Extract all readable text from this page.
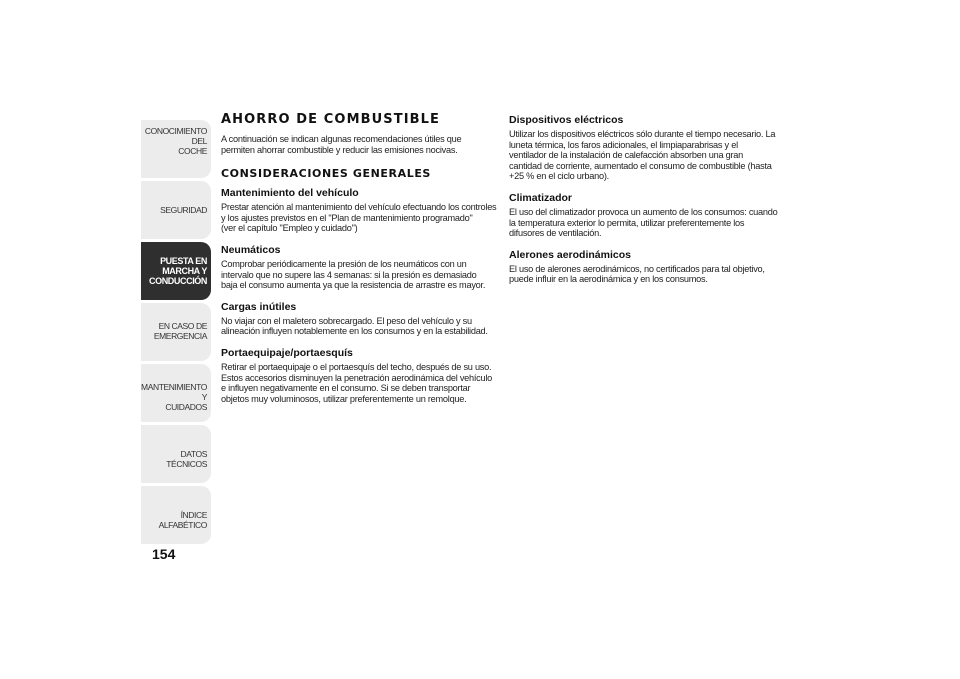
CONOCIMIENTO DEL
COCHE
SEGURIDAD
PUESTA EN
MARCHA Y
CONDUCCIÓN
EN CASO DE
EMERGENCIA
MANTENIMIENTO Y
CUIDADOS
DATOS TÉCNICOS
ÍNDICE ALFABÉTICO
154
AHORRO DE COMBUSTIBLE

A continuación se indican algunas recomendaciones útiles que
permiten ahorrar combustible y reducir las emisiones nocivas.

CONSIDERACIONES GENERALES
Mantenimiento del vehículo

Prestar atención al mantenimiento del vehículo efectuando los controles
y los ajustes previstos en el "Plan de mantenimiento programado"
(ver el capítulo "Empleo y cuidado")

Neumáticos

Comprobar periódicamente la presión de los neumáticos con un
intervalo que no supere las 4 semanas: si la presión es demasiado
baja el consumo aumenta ya que la resistencia de arrastre es mayor.

Cargas inútiles

No viajar con el maletero sobrecargado. El peso del vehículo y su
alineación influyen notablemente en los consumos y en la estabilidad.

Portaequipaje/portaesquís

Retirar el portaequipaje o el portaesquís del techo, después de su uso.
Estos accesorios disminuyen la penetración aerodinámica del vehículo
e influyen negativamente en el consumo. Si se deben transportar
objetos muy voluminosos, utilizar preferentemente un remolque.

Dispositivos eléctricos

Utilizar los dispositivos eléctricos sólo durante el tiempo necesario. La
luneta térmica, los faros adicionales, el limpiaparabrisas y el
ventilador de la instalación de calefacción absorben una gran
cantidad de corriente, aumentado el consumo de combustible (hasta
+25 % en el ciclo urbano).

Climatizador

El uso del climatizador provoca un aumento de los consumos: cuando
la temperatura exterior lo permita, utilizar preferentemente los
difusores de ventilación.

Alerones aerodinámicos

El uso de alerones aerodinámicos, no certificados para tal objetivo,
puede influir en la aerodinámica y en los consumos.
